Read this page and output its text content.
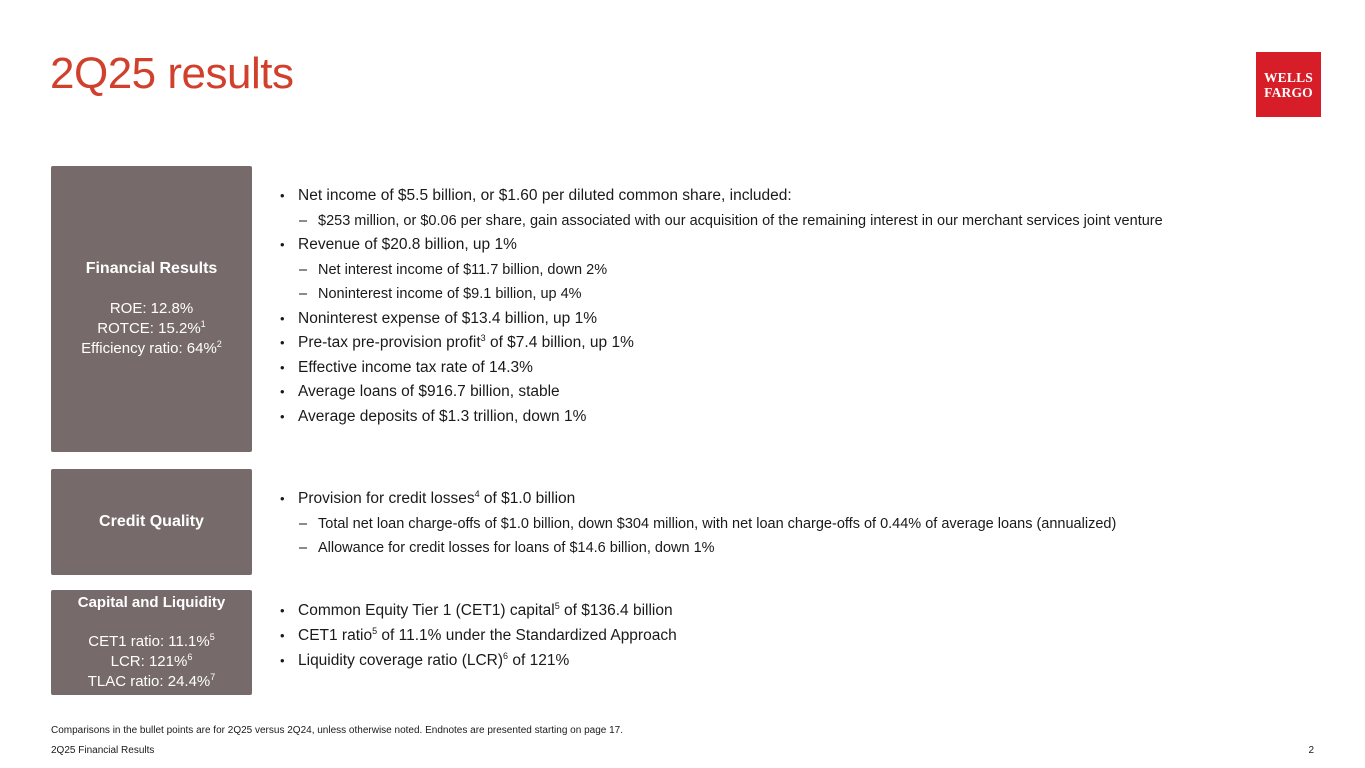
2Q25 results	WELLS
FARGO
Financial Results
ROE: 12.8%
ROTCE: 15.2%$^1$
Efficiency ratio: 64%$^2$
• Net income of $5.5 billion, or $1.60 per diluted common share, included:
– $253 million, or $0.06 per share, gain associated with our acquisition of the remaining interest in our merchant services joint venture
• Revenue of $20.8 billion, up 1%
– Net interest income of $11.7 billion, down 2%
– Noninterest income of $9.1 billion, up 4%
• Noninterest expense of $13.4 billion, up 1%
• Pre-tax pre-provision profit$^3$ of $7.4 billion, up 1%
• Effective income tax rate of 14.3%
• Average loans of $916.7 billion, stable
• Average deposits of $1.3 trillion, down 1%
Credit Quality
• Provision for credit losses$^4$ of $1.0 billion
– Total net loan charge-offs of $1.0 billion, down $304 million, with net loan charge-offs of 0.44% of average loans (annualized)
– Allowance for credit losses for loans of $14.6 billion, down 1%
Capital and Liquidity
CET1 ratio: 11.1%$^5$
LCR: 121%$^6$
TLAC ratio: 24.4%$^7$
• Common Equity Tier 1 (CET1) capital$^5$ of $136.4 billion
• CET1 ratio$^5$ of 11.1% under the Standardized Approach
• Liquidity coverage ratio (LCR)$^6$ of 121%
Comparisons in the bullet points are for 2Q25 versus 2Q24, unless otherwise noted. Endnotes are presented starting on page 17.
2Q25 Financial Results	2
